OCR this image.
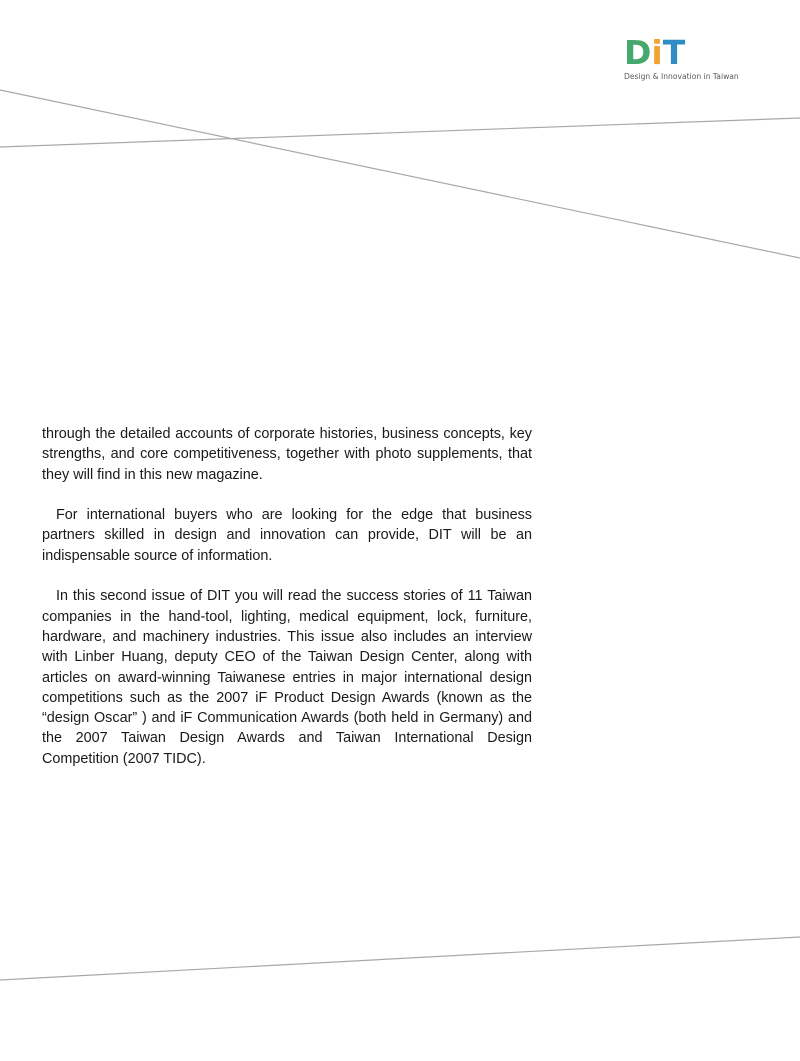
DiT
Design & Innovation in Taiwan

through the detailed accounts of corporate histories, business concepts, key strengths, and core competitiveness, together with photo supplements, that they will find in this new magazine.

For international buyers who are looking for the edge that business partners skilled in design and innovation can provide, DIT will be an indispensable source of information.

In this second issue of DIT you will read the success stories of 11 Taiwan companies in the hand-tool, lighting, medical equipment, lock, furniture, hardware, and machinery industries. This issue also includes an interview with Linber Huang, deputy CEO of the Taiwan Design Center, along with articles on award-winning Taiwanese entries in major international design competitions such as the 2007 iF Product Design Awards (known as the “design Oscar” ) and iF Communication Awards (both held in Germany) and the 2007 Taiwan Design Awards and Taiwan International Design Competition (2007 TIDC).
